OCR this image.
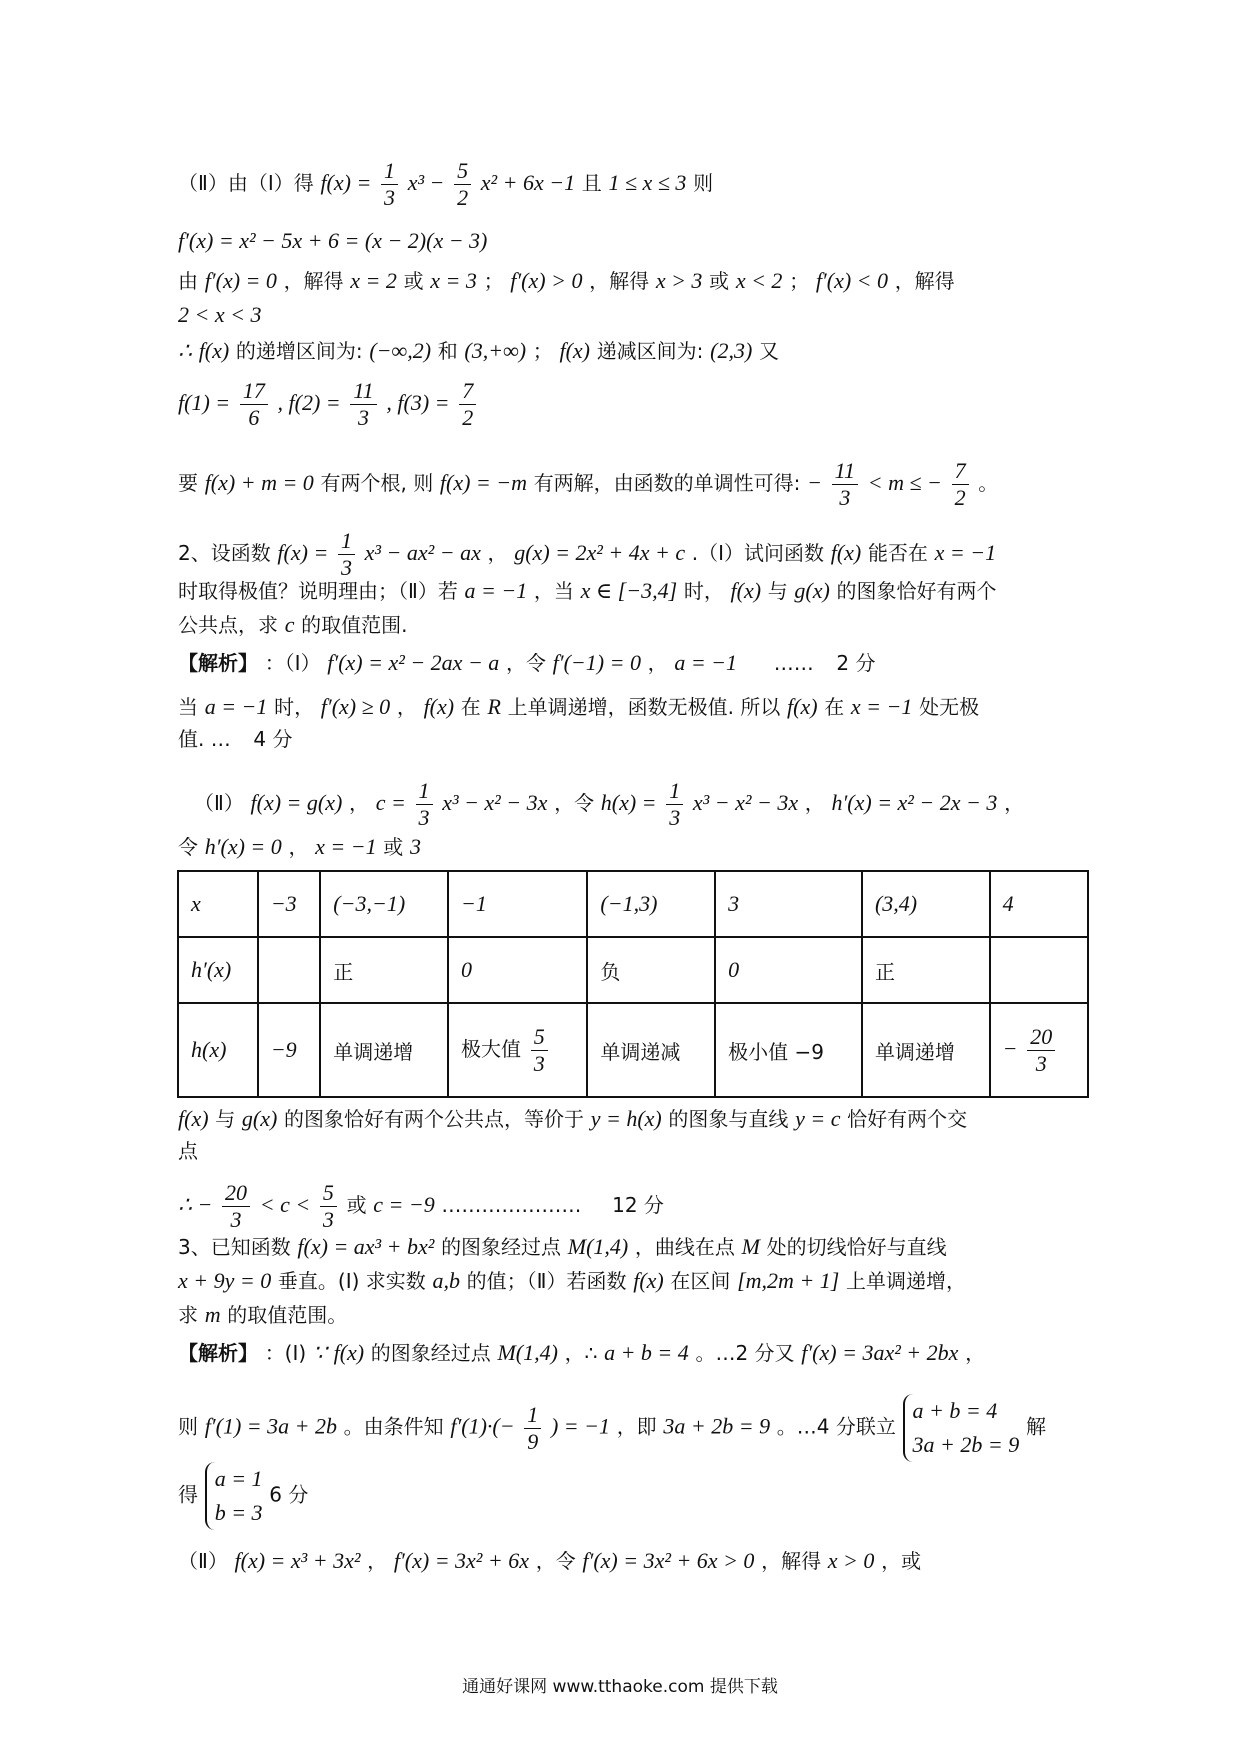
（Ⅱ）由（Ⅰ）得 $f(x) = \frac{1}{3} x^3 - \frac{5}{2} x^2 + 6x -1$ 且 1 ≤ x ≤ 3 则
f′(x) = x² − 5x + 6 = (x − 2)(x − 3)
由 f′(x) = 0 ，解得 x = 2 或 x = 3 ； f′(x) > 0 ，解得 x > 3 或 x < 2 ； f′(x) < 0 ，解得
2 < x < 3
∴ f(x) 的递增区间为: (−∞,2) 和 (3,+∞) ； f(x) 递减区间为: (2,3) 又
$f(1) = \frac{17}{6}$ , $f(2) = \frac{11}{3}$ , $f(3) = \frac{7}{2}$
要 f(x) + m = 0 有两个根, 则 f(x) = −m 有两解，由函数的单调性可得: − $\frac{11}{3} < m$ ≤ − $\frac{7}{2}$ 。
2、设函数 $f(x) = \frac{1}{3} x^3 - ax^2$ − ax ， g(x) = 2x² + 4x + c .（Ⅰ）试问函数 f(x) 能否在 x = −1
时取得极值？说明理由；（Ⅱ）若 a = −1 ，当 x ∈ [−3,4] 时， f(x) 与 g(x) 的图象恰好有两个
公共点，求 c 的取值范围.
【解析】 ：（Ⅰ） f′(x) = x² − 2ax − a ，令 f′(−1) = 0 ， a = −1 …… 2 分
当 a = −1 时， f′(x) ≥ 0 ， f(x) 在 R 上单调递增，函数无极值. 所以 f(x) 在 x = −1 处无极
值. … 4 分
（Ⅱ） f(x) = g(x) ， $c = \frac{1}{3} x^3 - x^2 - 3x$ ，令 $h(x) = \frac{1}{3} x^3 - x^2 - 3x$ ， h′(x) = x² − 2x − 3 ，
令 h′(x) = 0 ， x = −1 或 3
x	−3	(−3,−1)	−1	(−1,3)	3	(3,4)	4
h′(x)		正	0	负	0	正	
h(x)	−9	单调递增	极大值 $\frac{5}{3}$	单调递减	极小值 −9	单调递增	− $\frac{20}{3}$
f(x) 与 g(x) 的图象恰好有两个公共点，等价于 y = h(x) 的图象与直线 y = c 恰好有两个交
点
∴ − $\frac{20}{3} < c < \frac{5}{3}$ 或 c = −9 ………………… 12 分
3、已知函数 f(x) = ax³ + bx² 的图象经过点 M(1,4) ，曲线在点 M 处的切线恰好与直线
x + 9y = 0 垂直。(Ⅰ) 求实数 a,b 的值；（Ⅱ）若函数 f(x) 在区间 [m,2m + 1] 上单调递增，
求 m 的取值范围。
【解析】 ：(Ⅰ) ∵ f(x) 的图象经过点 M(1,4) ，∴ a + b = 4 。…2 分又 f′(x) = 3ax² + 2bx ，
则 f′(1) = 3a + 2b 。由条件知 $f'(1)\cdot(- \frac{1}{9}$ ) = −1 ，即 3a + 2b = 9 。…4 分联立
a + b = 4
3a + 2b = 9
解
得
a = 1
b = 3
6 分
（Ⅱ） f(x) = x³ + 3x² ， f′(x) = 3x² + 6x ，令 f′(x) = 3x² + 6x > 0 ，解得 x > 0 ，或
通通好课网 www.tthaoke.com 提供下载
